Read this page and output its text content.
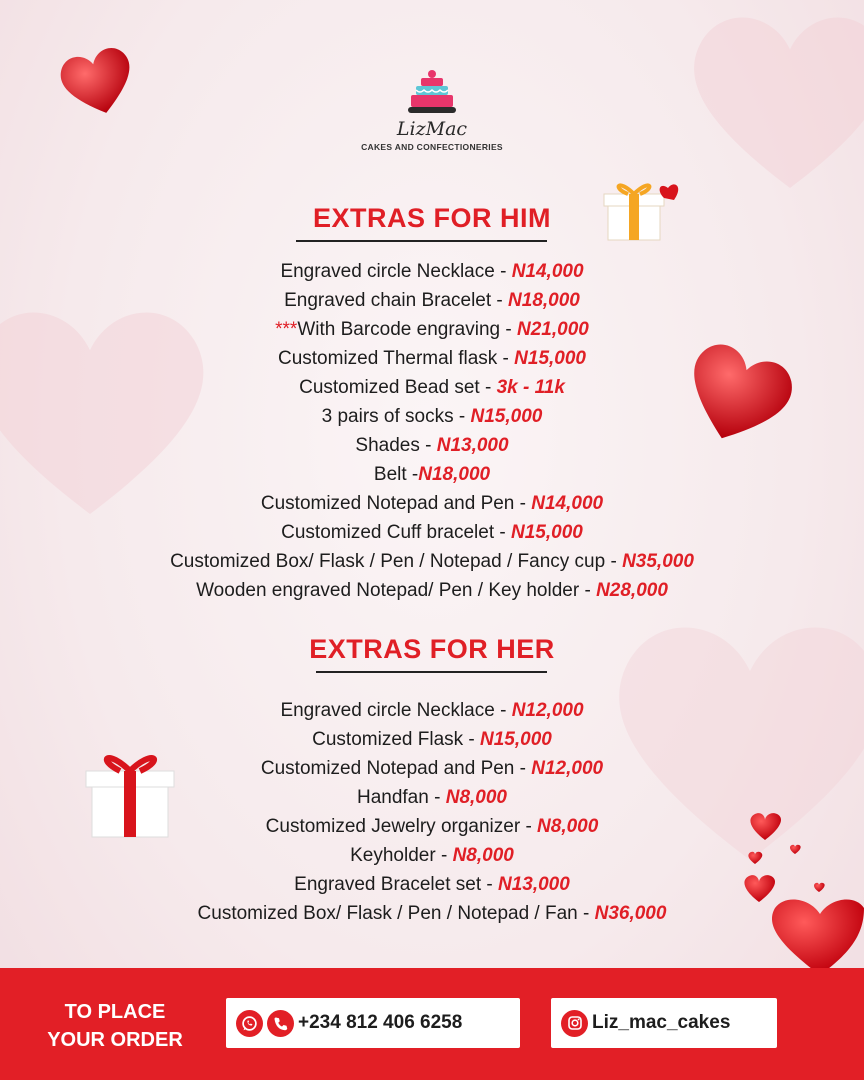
LizMac
CAKES AND CONFECTIONERIES
EXTRAS FOR HIM
Engraved circle Necklace - N14,000
Engraved chain Bracelet - N18,000
***With Barcode engraving - N21,000
Customized Thermal flask - N15,000
Customized Bead set - 3k - 11k
3 pairs of socks - N15,000
Shades - N13,000
Belt -N18,000
Customized Notepad and Pen - N14,000
Customized Cuff bracelet - N15,000
Customized Box/ Flask / Pen / Notepad / Fancy cup - N35,000
Wooden engraved Notepad/ Pen / Key holder - N28,000
EXTRAS FOR HER
Engraved circle Necklace - N12,000
Customized Flask - N15,000
Customized Notepad and Pen - N12,000
Handfan - N8,000
Customized Jewelry organizer - N8,000
Keyholder - N8,000
Engraved Bracelet set - N13,000
Customized Box/ Flask / Pen / Notepad / Fan - N36,000
TO PLACE
YOUR ORDER
+234 812 406 6258	Liz_mac_cakes
